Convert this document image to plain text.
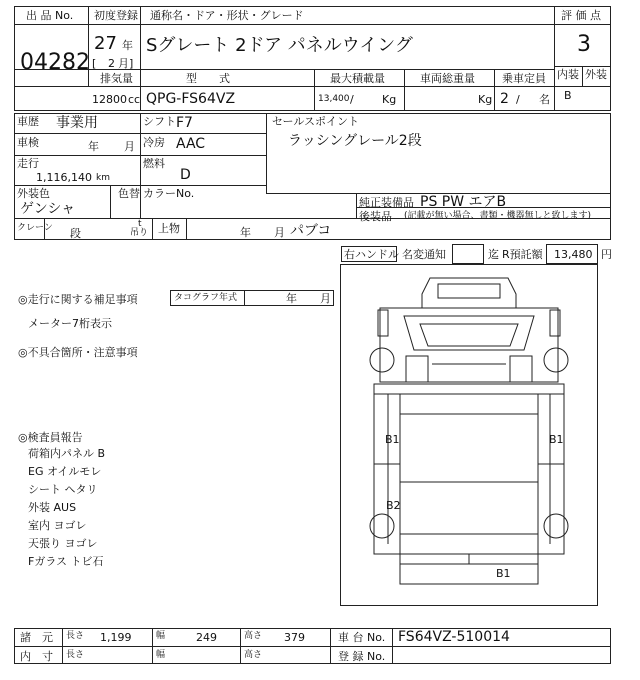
出 品 No.
04282
初度登録
27 年
[ 2 月]
通称名・ドア・形状・グレード
Sグレート 2ドア パネルウイング
評 価 点
3
内装 外装
B
排気量
12800 cc
型　　式
QPG-FS64VZ
最大積載量
13,400 /	Kg
車両総重量
Kg
乗車定員
2 / 名
車歴 事業用
車検	年 月
走行
1,116,140 km
シフト F7
冷房 AAC
燃料
D
セールスポイント
ラッシングレール2段
外装色
ゲンシャ
色替 カラーNo.
純正装備品 PS PW エアB
後装品 (記載が無い場合、書類・機器無しと致します)
クレーン 段
t
吊り 上物	年 月 パブコ
右ハンドル 名変通知	迄 R預託額 13,480 円
◎走行に関する補足事項	タコグラフ年式	年 月
メーター7桁表示
◎不具合箇所・注意事項
◎検査員報告
荷箱内パネル B
EG オイルモレ
シート ヘタリ
外装 AUS
室内 ヨゴレ
天張り ヨゴレ
Fガラス トビ石
B1	B1
B2
B1
諸　元 長さ 1,199	幅	249	高さ 379	車 台 No. FS64VZ-510014
内　寸 長さ	幅	高さ	登 録 No.
